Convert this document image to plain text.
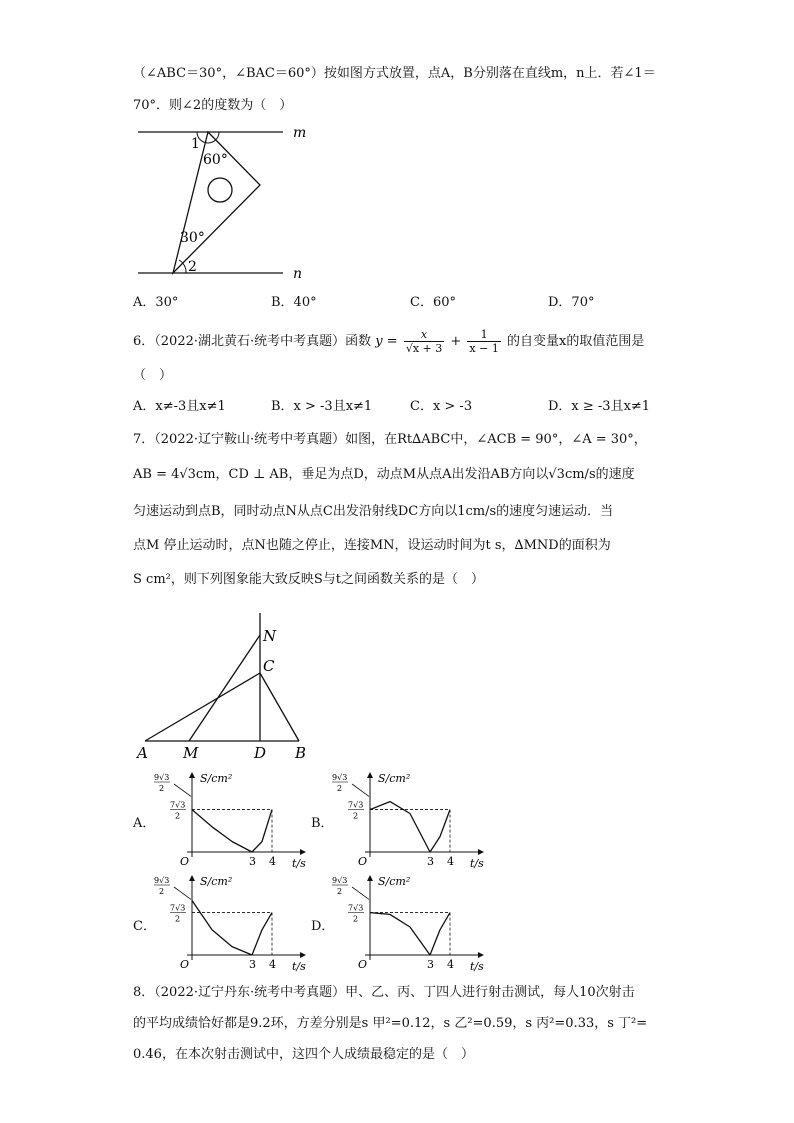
（∠ABC＝30°，∠BAC＝60°）按如图方式放置，点A，B分别落在直线m，n上．若∠1＝
70°．则∠2的度数为（　）
m
n
1
60°
30°
2
A．30°	B．40°	C．60°	D．70°
6．（2022·湖北黄石·统考中考真题）函数 $y = \frac{x}{√x + 3} + \frac{1}{x - 1}$ 的自变量x的取值范围是
（　）
A．x≠-3且x≠1	B．x > -3且x≠1	C．x > -3	D．x ≥ -3且x≠1
7．（2022·辽宁鞍山·统考中考真题）如图，在Rt∆ABC中，∠ACB = 90°，∠A = 30°，
AB = 4√3cm，CD ⊥ AB，垂足为点D，动点M从点A出发沿AB方向以√3cm/s的速度
匀速运动到点B，同时动点N从点C出发沿射线DC方向以1cm/s的速度匀速运动．当
点M 停止运动时，点N也随之停止，连接MN，设运动时间为t s，∆MND的面积为
S cm²，则下列图象能大致反映S与t之间函数关系的是（　）
A M	D B
C
N
A．	B．
C．	D．
S/cm²
t/s
O	3 4
9√3
2
7√3
2
S/cm²
t/s
O	3 4
9√3
2
7√3
2
S/cm²
t/s
O	3 4
9√3
2
7√3
2
S/cm²
t/s
O	3 4
9√3
2
7√3
2
8．（2022·辽宁丹东·统考中考真题）甲、乙、丙、丁四人进行射击测试，每人10次射击
的平均成绩恰好都是9.2环，方差分别是s 甲²=0.12，s 乙²=0.59，s 丙²=0.33，s 丁²=
0.46，在本次射击测试中，这四个人成绩最稳定的是（　）
